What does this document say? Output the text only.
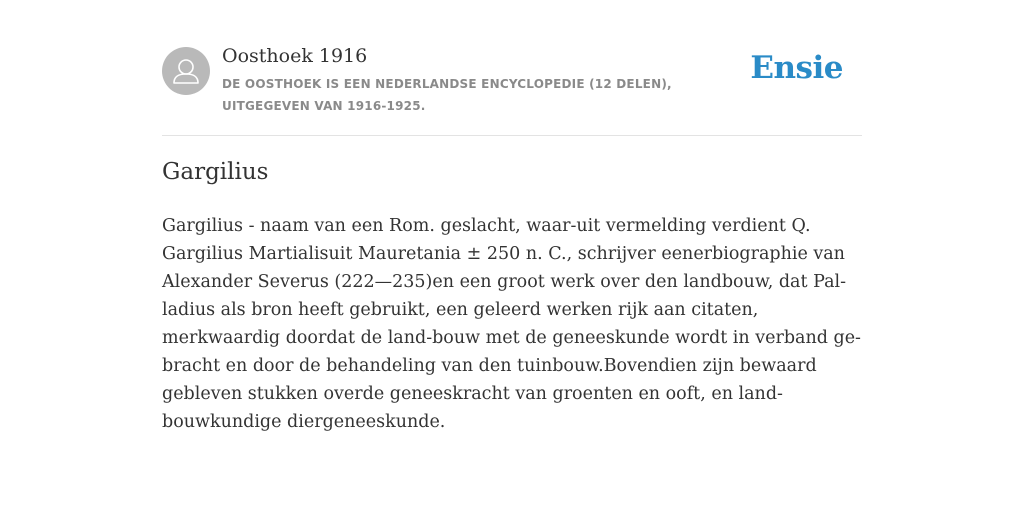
Oosthoek 1916
DE OOSTHOEK IS EEN NEDERLANDSE ENCYCLOPEDIE (12 DELEN), UITGEGEVEN VAN 1916-1925.
Ensie
Gargilius

Gargilius - naam van een Rom. geslacht, waar-uit vermelding verdient Q. Gargilius Martialisuit Mauretania ± 250 n. C., schrijver eenerbiographie van Alexander Severus (222—235)en een groot werk over den landbouw, dat Pal-ladius als bron heeft gebruikt, een geleerd werken rijk aan citaten, merkwaardig doordat de land-bouw met de geneeskunde wordt in verband ge-bracht en door de behandeling van den tuinbouw.Bovendien zijn bewaard gebleven stukken overde geneeskracht van groenten en ooft, en land-bouwkundige diergeneeskunde.
